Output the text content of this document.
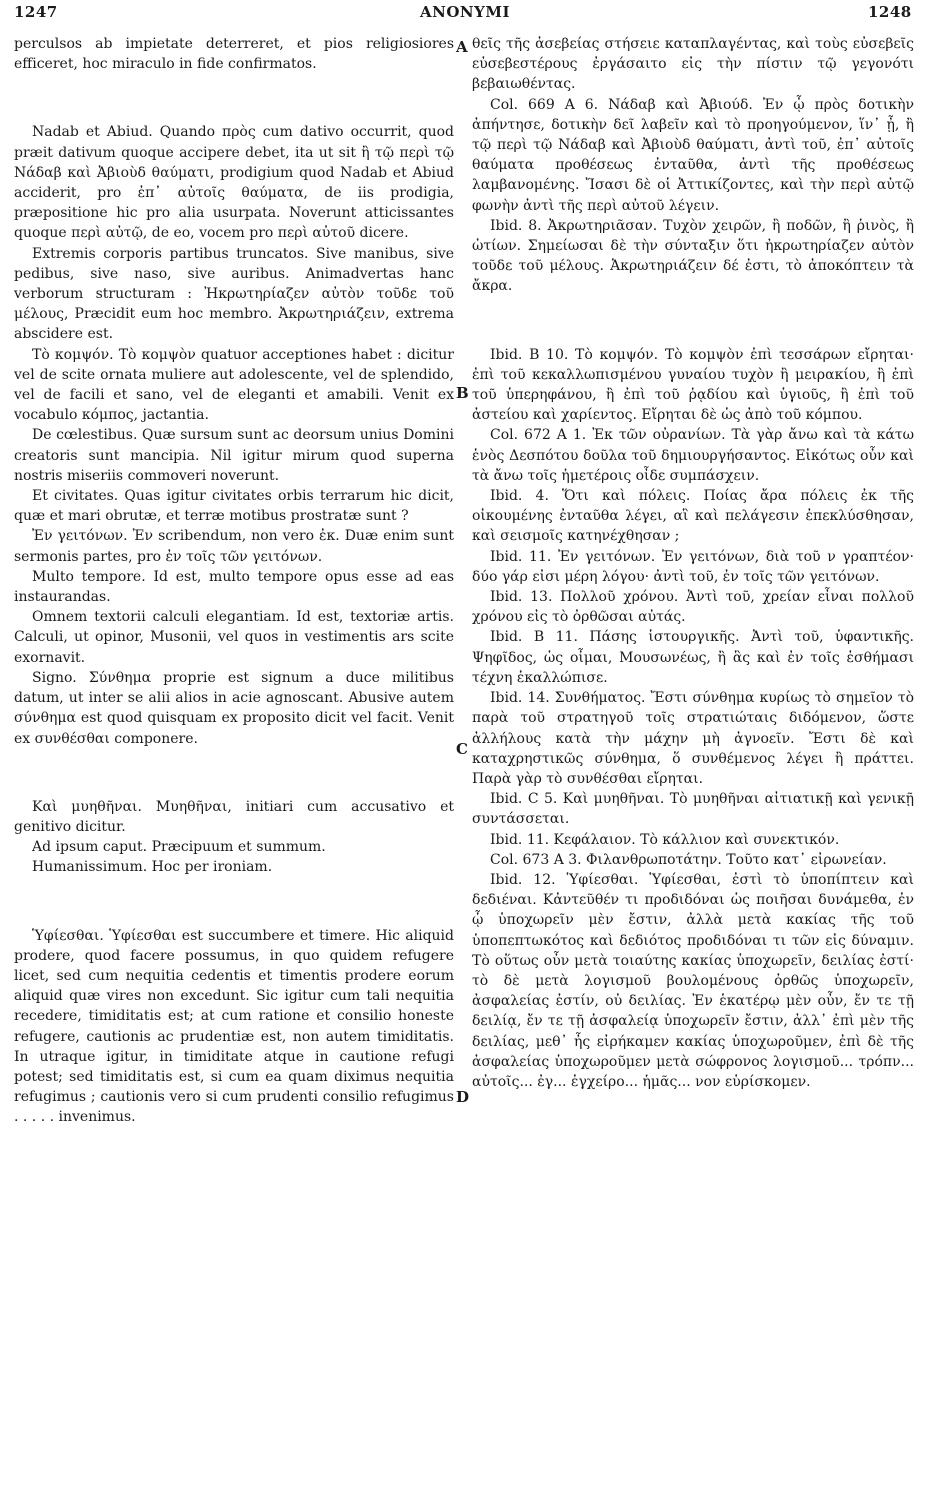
1247	ANONYMI	1248
A
B
C
D

perculsos ab impietate deterreret, et pios religiosiores efficeret, hoc miraculo in fide confirmatos.

Nadab et Abiud. Quando πρὸς cum dativo occurrit, quod præit dativum quoque accipere debet, ita ut sit ἢ τῷ περὶ τῷ Νάδαβ καὶ Ἀβιοὺδ θαύματι, prodigium quod Nadab et Abiud acciderit, pro ἐπ᾽ αὐτοῖς θαύματα, de iis prodigia, præpositione hic pro alia usurpata. Noverunt atticissantes quoque περὶ αὐτῷ, de eo, vocem pro περὶ αὐτοῦ dicere.

Extremis corporis partibus truncatos. Sive manibus, sive pedibus, sive naso, sive auribus. Animadvertas hanc verborum structuram : Ἠκρωτηρίαζεν αὐτὸν τοῦδε τοῦ μέλους, Præcidit eum hoc membro. Ἀκρωτηριάζειν, extrema abscidere est.

Τὸ κομψόν. Τὸ κομψὸν quatuor acceptiones habet : dicitur vel de scite ornata muliere aut adolescente, vel de splendido, vel de facili et sano, vel de eleganti et amabili. Venit ex vocabulo κόμπος, jactantia.

De cœlestibus. Quæ sursum sunt ac deorsum unius Domini creatoris sunt mancipia. Nil igitur mirum quod superna nostris miseriis commoveri noverunt.

Et civitates. Quas igitur civitates orbis terrarum hic dicit, quæ et mari obrutæ, et terræ motibus prostratæ sunt ?

Ἐν γειτόνων. Ἐν scribendum, non vero ἐκ. Duæ enim sunt sermonis partes, pro ἐν τοῖς τῶν γειτόνων.

Multo tempore. Id est, multo tempore opus esse ad eas instaurandas.

Omnem textorii calculi elegantiam. Id est, textoriæ artis. Calculi, ut opinor, Musonii, vel quos in vestimentis ars scite exornavit.

Signo. Σύνθημα proprie est signum a duce militibus datum, ut inter se alii alios in acie agnoscant. Abusive autem σύνθημα est quod quisquam ex proposito dicit vel facit. Venit ex συνθέσθαι componere.

Καὶ μυηθῆναι. Μυηθῆναι, initiari cum accusativo et genitivo dicitur.

Ad ipsum caput. Præcipuum et summum.

Humanissimum. Hoc per ironiam.

Ὑφίεσθαι. Ὑφίεσθαι est succumbere et timere. Hic aliquid prodere, quod facere possumus, in quo quidem refugere licet, sed cum nequitia cedentis et timentis prodere eorum aliquid quæ vires non excedunt. Sic igitur cum tali nequitia recedere, timiditatis est; at cum ratione et consilio honeste refugere, cautionis ac prudentiæ est, non autem timiditatis. In utraque igitur, in timiditate atque in cautione refugi potest; sed timiditatis est, si cum ea quam diximus nequitia refugimus ; cautionis vero si cum prudenti consilio refugimus . . . . . invenimus.

θεῖς τῆς ἀσεβείας στήσειε καταπλαγέντας, καὶ τοὺς εὐσεβεῖς εὐσεβεστέρους ἐργάσαιτο εἰς τὴν πίστιν τῷ γεγονότι βεβαιωθέντας.

Col. 669 A 6. Νάδαβ καὶ Ἀβιούδ. Ἐν ᾧ πρὸς δοτικὴν ἀπήντησε, δοτικὴν δεῖ λαβεῖν καὶ τὸ προηγούμενον, ἵν᾽ ᾖ, ἢ τῷ περὶ τῷ Νάδαβ καὶ Ἀβιοὺδ θαύματι, ἀντὶ τοῦ, ἐπ᾽ αὐτοῖς θαύματα προθέσεως ἐνταῦθα, ἀντὶ τῆς προθέσεως λαμβανομένης. Ἴσασι δὲ οἱ Ἀττικίζοντες, καὶ τὴν περὶ αὐτῷ φωνὴν ἀντὶ τῆς περὶ αὐτοῦ λέγειν.

Ibid. 8. Ἀκρωτηριᾶσαν. Τυχὸν χειρῶν, ἢ ποδῶν, ἢ ῥινὸς, ἢ ὠτίων. Σημείωσαι δὲ τὴν σύνταξιν ὅτι ἠκρωτηρίαζεν αὐτὸν τοῦδε τοῦ μέλους. Ἀκρωτηριάζειν δέ ἐστι, τὸ ἀποκόπτειν τὰ ἄκρα.

Ibid. B 10. Τὸ κομψόν. Τὸ κομψὸν ἐπὶ τεσσάρων εἴρηται· ἐπὶ τοῦ κεκαλλωπισμένου γυναίου τυχὸν ἢ μειρακίου, ἢ ἐπὶ τοῦ ὑπερηφάνου, ἢ ἐπὶ τοῦ ῥᾳδίου καὶ ὑγιοῦς, ἢ ἐπὶ τοῦ ἀστείου καὶ χαρίεντος. Εἴρηται δὲ ὡς ἀπὸ τοῦ κόμπου.

Col. 672 A 1. Ἐκ τῶν οὐρανίων. Τὰ γὰρ ἄνω καὶ τὰ κάτω ἑνὸς Δεσπότου δοῦλα τοῦ δημιουργήσαντος. Εἰκότως οὖν καὶ τὰ ἄνω τοῖς ἡμετέροις οἶδε συμπάσχειν.

Ibid. 4. Ὅτι καὶ πόλεις. Ποίας ἄρα πόλεις ἐκ τῆς οἰκουμένης ἐνταῦθα λέγει, αἳ καὶ πελάγεσιν ἐπεκλύσθησαν, καὶ σεισμοῖς κατηνέχθησαν ;

Ibid. 11. Ἐν γειτόνων. Ἐν γειτόνων, διὰ τοῦ ν γραπτέον· δύο γάρ εἰσι μέρη λόγου· ἀντὶ τοῦ, ἐν τοῖς τῶν γειτόνων.

Ibid. 13. Πολλοῦ χρόνου. Ἀντὶ τοῦ, χρείαν εἶναι πολλοῦ χρόνου εἰς τὸ ὀρθῶσαι αὐτάς.

Ibid. B 11. Πάσης ἱστουργικῆς. Ἀντὶ τοῦ, ὑφαντικῆς. Ψηφῖδος, ὡς οἶμαι, Μουσωνέως, ἢ ἃς καὶ ἐν τοῖς ἐσθήμασι τέχνη ἐκαλλώπισε.

Ibid. 14. Συνθήματος. Ἔστι σύνθημα κυρίως τὸ σημεῖον τὸ παρὰ τοῦ στρατηγοῦ τοῖς στρατιώταις διδόμενον, ὥστε ἀλλήλους κατὰ τὴν μάχην μὴ ἀγνοεῖν. Ἔστι δὲ καὶ καταχρηστικῶς σύνθημα, ὅ συνθέμενος λέγει ἢ πράττει. Παρὰ γὰρ τὸ συνθέσθαι εἴρηται.

Ibid. C 5. Καὶ μυηθῆναι. Τὸ μυηθῆναι αἰτιατικῇ καὶ γενικῇ συντάσσεται.

Ibid. 11. Κεφάλαιον. Τὸ κάλλιον καὶ συνεκτικόν.

Col. 673 A 3. Φιλανθρωποτάτην. Τοῦτο κατ᾽ εἰρωνείαν.

Ibid. 12. Ὑφίεσθαι. Ὑφίεσθαι, ἐστὶ τὸ ὑποπίπτειν καὶ δεδιέναι. Κἀντεῦθέν τι προδιδόναι ὡς ποιῆσαι δυνάμεθα, ἐν ᾧ ὑποχωρεῖν μὲν ἔστιν, ἀλλὰ μετὰ κακίας τῆς τοῦ ὑποπεπτωκότος καὶ δεδιότος προδιδόναι τι τῶν εἰς δύναμιν. Τὸ οὕτως οὖν μετὰ τοιαύτης κακίας ὑποχωρεῖν, δειλίας ἐστί· τὸ δὲ μετὰ λογισμοῦ βουλομένους ὀρθῶς ὑποχωρεῖν, ἀσφαλείας ἐστίν, οὐ δειλίας. Ἐν ἑκατέρῳ μὲν οὖν, ἔν τε τῇ δειλίᾳ, ἔν τε τῇ ἀσφαλείᾳ ὑποχωρεῖν ἔστιν, ἀλλ᾽ ἐπὶ μὲν τῆς δειλίας, μεθ᾽ ἧς εἰρήκαμεν κακίας ὑποχωροῦμεν, ἐπὶ δὲ τῆς ἀσφαλείας ὑποχωροῦμεν μετὰ σώφρονος λογισμοῦ... τρόπν... αὐτοῖς... ἐγ... ἐγχείρο... ἡμᾶς... νον εὑρίσκομεν.
